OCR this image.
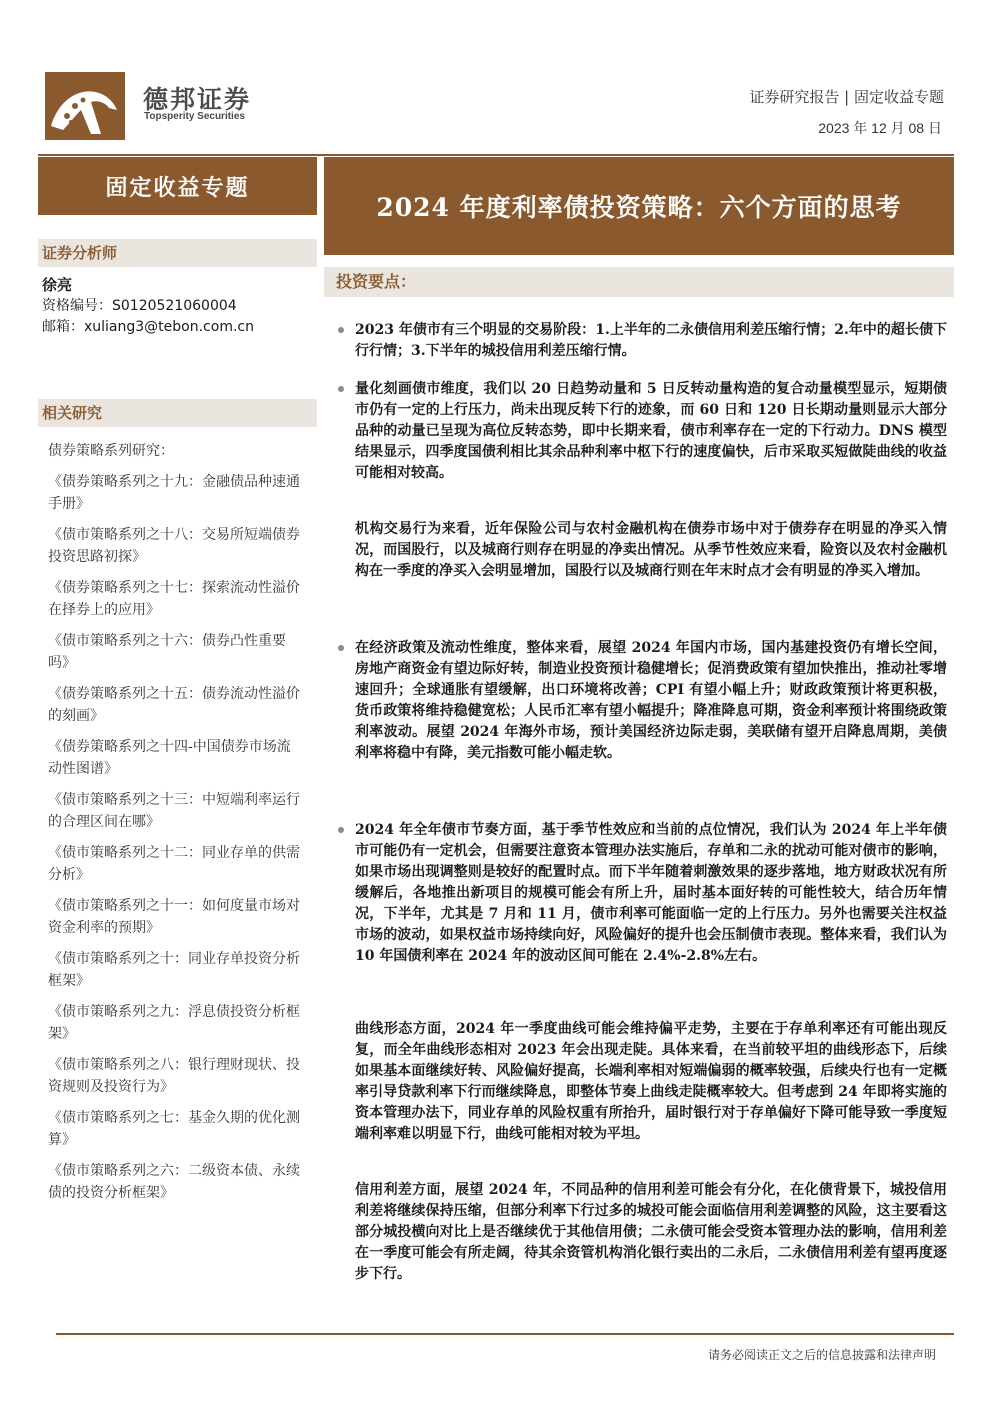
德邦证券
Topsperity Securities
证券研究报告 | 固定收益专题
2023 年 12 月 08 日
固定收益专题
2024 年度利率债投资策略：六个方面的思考
证券分析师
徐亮
资格编号：S0120521060004
邮箱：xuliang3@tebon.com.cn
相关研究
债券策略系列研究：
《债券策略系列之十九：金融债品种速通手册》
《债市策略系列之十八：交易所短端债券投资思路初探》
《债券策略系列之十七：探索流动性溢价在择券上的应用》
《债市策略系列之十六：债券凸性重要吗》
《债券策略系列之十五：债券流动性溢价的刻画》
《债券策略系列之十四-中国债券市场流动性图谱》
《债市策略系列之十三：中短端利率运行的合理区间在哪》
《债市策略系列之十二：同业存单的供需分析》
《债市策略系列之十一：如何度量市场对资金利率的预期》
《债市策略系列之十：同业存单投资分析框架》
《债市策略系列之九：浮息债投资分析框架》
《债市策略系列之八：银行理财现状、投资规则及投资行为》
《债市策略系列之七：基金久期的优化测算》
《债市策略系列之六：二级资本债、永续债的投资分析框架》
投资要点：
2023 年债市有三个明显的交易阶段：1.上半年的二永债信用利差压缩行情；2.年中的超长债下行行情；3.下半年的城投信用利差压缩行情。
量化刻画债市维度，我们以 20 日趋势动量和 5 日反转动量构造的复合动量模型显示，短期债市仍有一定的上行压力，尚未出现反转下行的迹象，而 60 日和 120 日长期动量则显示大部分品种的动量已呈现为高位反转态势，即中长期来看，债市利率存在一定的下行动力。DNS 模型结果显示，四季度国债利相比其余品种利率中枢下行的速度偏快，后市采取买短做陡曲线的收益可能相对较高。
机构交易行为来看，近年保险公司与农村金融机构在债券市场中对于债券存在明显的净买入情况，而国股行，以及城商行则存在明显的净卖出情况。从季节性效应来看，险资以及农村金融机构在一季度的净买入会明显增加，国股行以及城商行则在年末时点才会有明显的净买入增加。
在经济政策及流动性维度，整体来看，展望 2024 年国内市场，国内基建投资仍有增长空间，房地产商资金有望边际好转，制造业投资预计稳健增长；促消费政策有望加快推出，推动社零增速回升；全球通胀有望缓解，出口环境将改善；CPI 有望小幅上升；财政政策预计将更积极，货币政策将维持稳健宽松；人民币汇率有望小幅提升；降准降息可期，资金利率预计将围绕政策利率波动。展望 2024 年海外市场，预计美国经济边际走弱，美联储有望开启降息周期，美债利率将稳中有降，美元指数可能小幅走软。
2024 年全年债市节奏方面，基于季节性效应和当前的点位情况，我们认为 2024 年上半年债市可能仍有一定机会，但需要注意资本管理办法实施后，存单和二永的扰动可能对债市的影响，如果市场出现调整则是较好的配置时点。而下半年随着刺激效果的逐步落地，地方财政状况有所缓解后，各地推出新项目的规模可能会有所上升，届时基本面好转的可能性较大，结合历年情况，下半年，尤其是 7 月和 11 月，债市利率可能面临一定的上行压力。另外也需要关注权益市场的波动，如果权益市场持续向好，风险偏好的提升也会压制债市表现。整体来看，我们认为 10 年国债利率在 2024 年的波动区间可能在 2.4%-2.8%左右。
曲线形态方面，2024 年一季度曲线可能会维持偏平走势，主要在于存单利率还有可能出现反复，而全年曲线形态相对 2023 年会出现走陡。具体来看，在当前较平坦的曲线形态下，后续如果基本面继续好转、风险偏好提高，长端利率相对短端偏弱的概率较强，后续央行也有一定概率引导贷款利率下行而继续降息，即整体节奏上曲线走陡概率较大。但考虑到 24 年即将实施的资本管理办法下，同业存单的风险权重有所抬升，届时银行对于存单偏好下降可能导致一季度短端利率难以明显下行，曲线可能相对较为平坦。
信用利差方面，展望 2024 年，不同品种的信用利差可能会有分化，在化债背景下，城投信用利差将继续保持压缩，但部分利率下行过多的城投可能会面临信用利差调整的风险，这主要看这部分城投横向对比上是否继续优于其他信用债；二永债可能会受资本管理办法的影响，信用利差在一季度可能会有所走阔，待其余资管机构消化银行卖出的二永后，二永债信用利差有望再度逐步下行。
请务必阅读正文之后的信息披露和法律声明
